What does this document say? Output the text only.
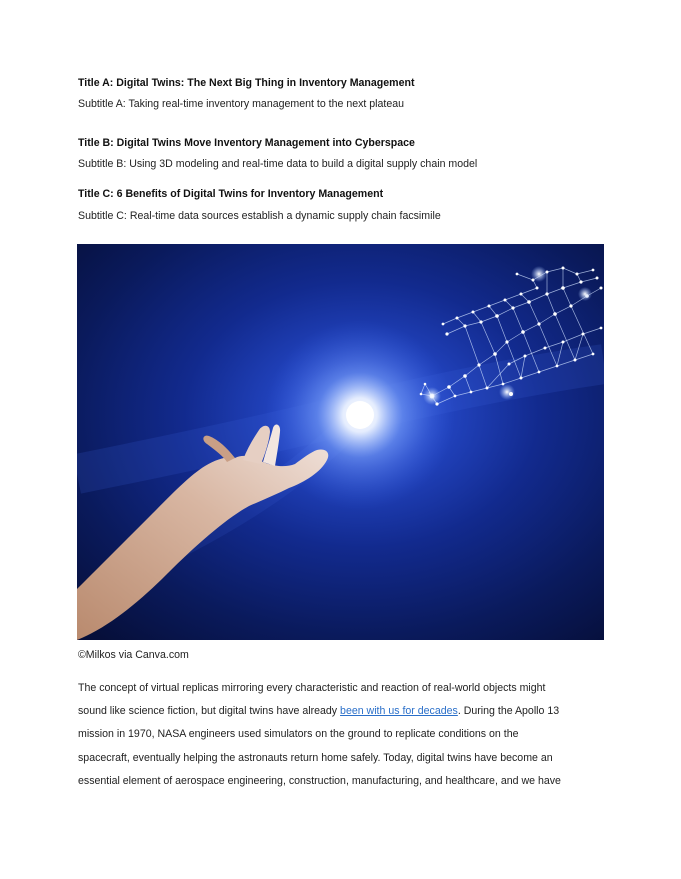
Title A: Digital Twins: The Next Big Thing in Inventory Management
Subtitle A: Taking real-time inventory management to the next plateau
Title B: Digital Twins Move Inventory Management into Cyberspace
Subtitle B: Using 3D modeling and real-time data to build a digital supply chain model
Title C: 6 Benefits of Digital Twins for Inventory Management
Subtitle C: Real-time data sources establish a dynamic supply chain facsimile
©Milkos via Canva.com
The concept of virtual replicas mirroring every characteristic and reaction of real-world objects might
sound like science fiction, but digital twins have already been with us for decades. During the Apollo 13
mission in 1970, NASA engineers used simulators on the ground to replicate conditions on the
spacecraft, eventually helping the astronauts return home safely. Today, digital twins have become an
essential element of aerospace engineering, construction, manufacturing, and healthcare, and we have
